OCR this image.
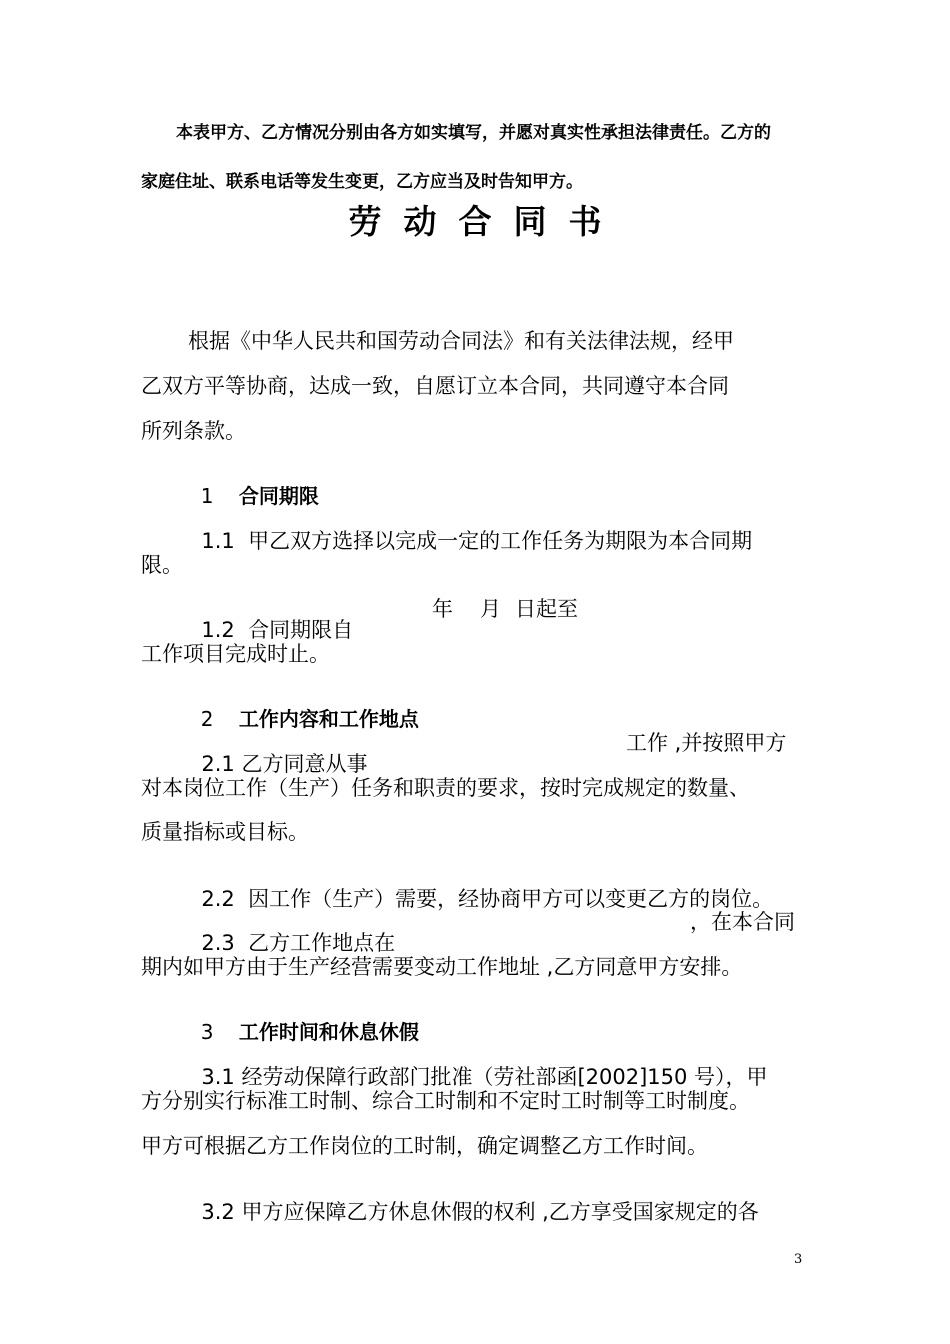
本表甲方、乙方情况分别由各方如实填写，并愿对真实性承担法律责任。乙方的
家庭住址、联系电话等发生变更，乙方应当及时告知甲方。
劳动合同书
根据《中华人民共和国劳动合同法》和有关法律法规，经甲
乙双方平等协商，达成一致，自愿订立本合同，共同遵守本合同
所列条款。

1 合同期限

1.1 甲乙双方选择以完成一定的工作任务为期限为本合同期

限。

1.2 合同期限自

年	月 日起至
工作项目完成时止。

2 工作内容和工作地点

2.1 乙方同意从事

工作 ,并按照甲方
对本岗位工作（生产）任务和职责的要求，按时完成规定的数量、
质量指标或目标。

2.2 因工作（生产）需要，经协商甲方可以变更乙方的岗位。

2.3 乙方工作地点在

，在本合同
期内如甲方由于生产经营需要变动工作地址 ,乙方同意甲方安排。

3 工作时间和休息休假

3.1 经劳动保障行政部门批准（劳社部函[2002]150 号），甲

方分别实行标准工时制、综合工时制和不定时工时制等工时制度。
甲方可根据乙方工作岗位的工时制，确定调整乙方工作时间。

3.2 甲方应保障乙方休息休假的权利 ,乙方享受国家规定的各

3
